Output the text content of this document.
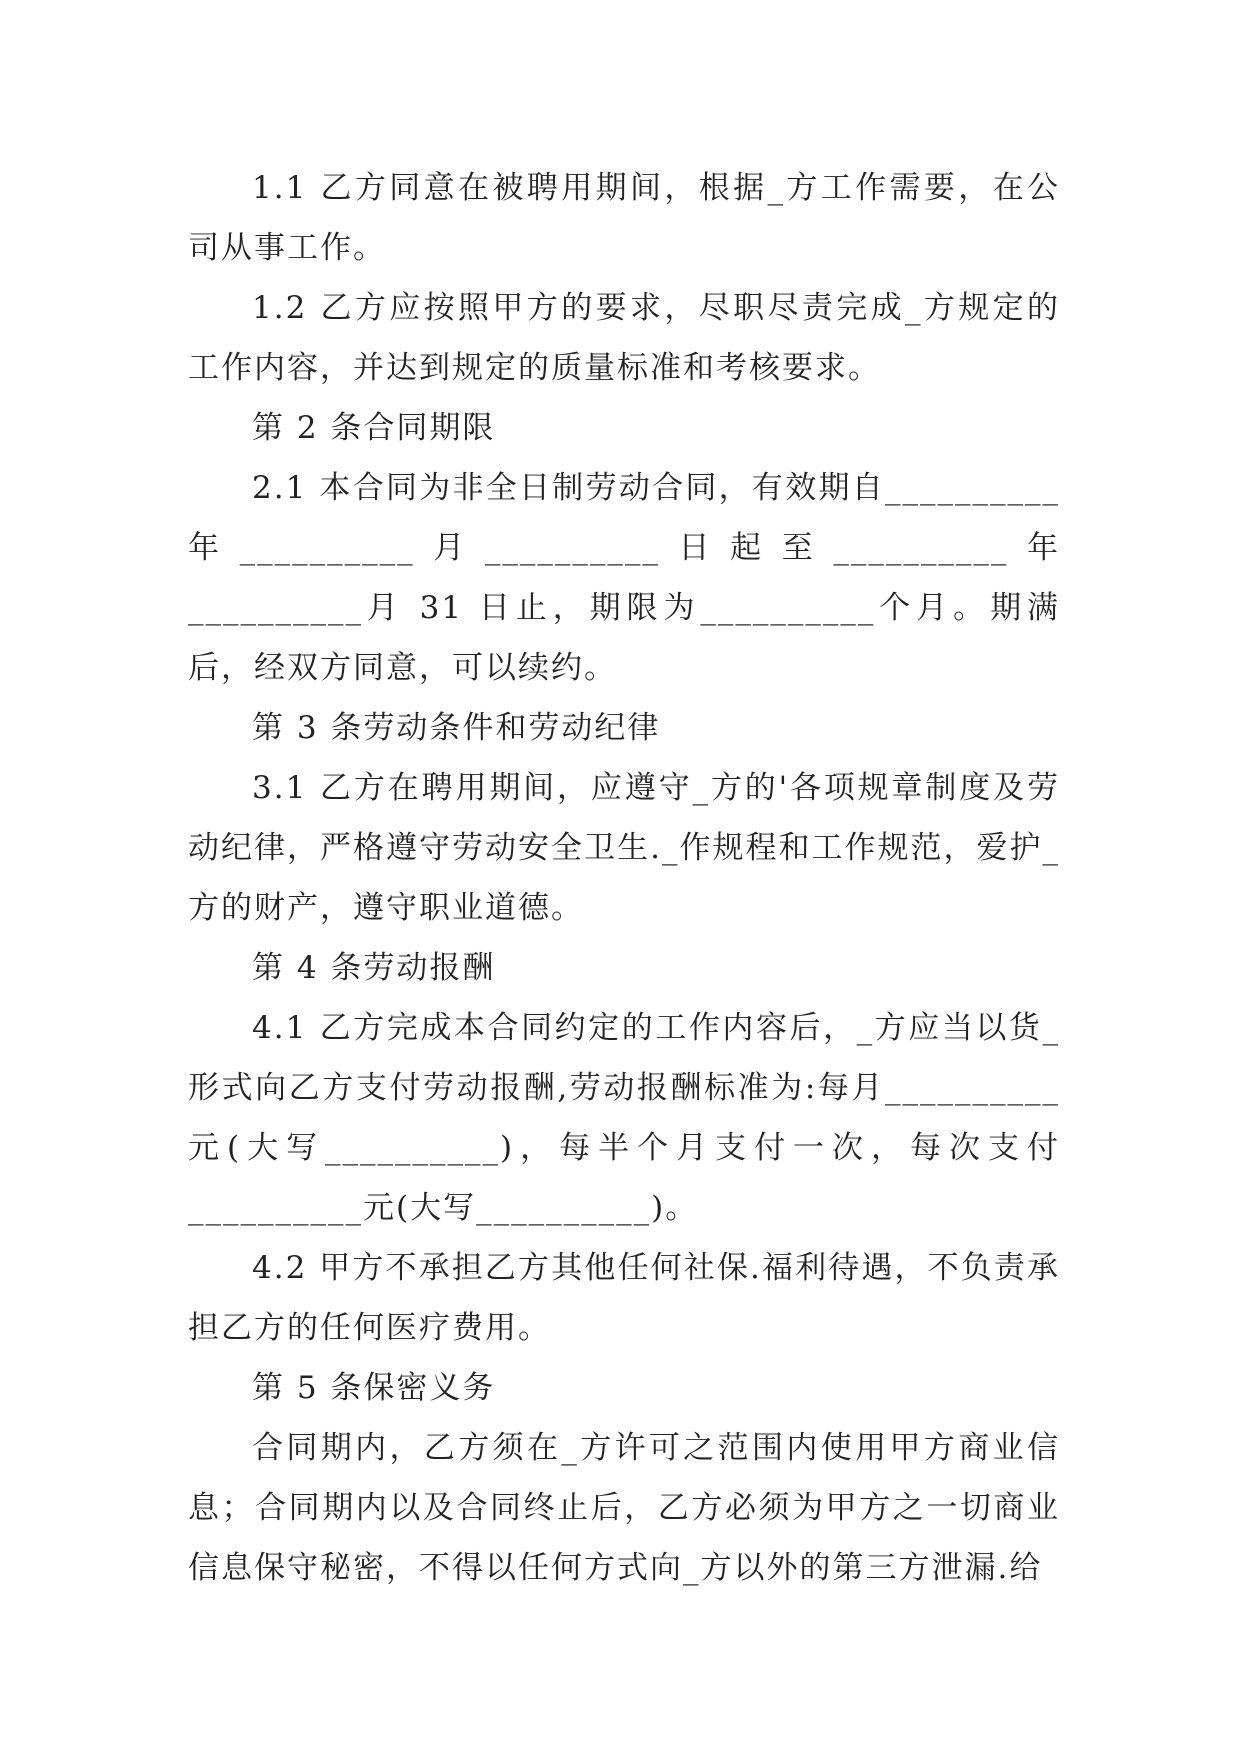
1.1 乙方同意在被聘用期间，根据_方工作需要，在公司从事工作。

1.2 乙方应按照甲方的要求，尽职尽责完成_方规定的工作内容，并达到规定的质量标准和考核要求。

第 2 条合同期限

2.1 本合同为非全日制劳动合同，有效期自__________年__________月__________日起至__________年__________月 31 日止，期限为__________个月。期满后，经双方同意，可以续约。

第 3 条劳动条件和劳动纪律

3.1 乙方在聘用期间，应遵守_方的'各项规章制度及劳动纪律，严格遵守劳动安全卫生._作规程和工作规范，爱护_方的财产，遵守职业道德。

第 4 条劳动报酬

4.1 乙方完成本合同约定的工作内容后，_方应当以货_形式向乙方支付劳动报酬,劳动报酬标准为:每月__________元(大写__________)，每半个月支付一次，每次支付__________元(大写__________)。

4.2 甲方不承担乙方其他任何社保.福利待遇，不负责承担乙方的任何医疗费用。

第 5 条保密义务

合同期内，乙方须在_方许可之范围内使用甲方商业信息；合同期内以及合同终止后，乙方必须为甲方之一切商业信息保守秘密，不得以任何方式向_方以外的第三方泄漏.给
